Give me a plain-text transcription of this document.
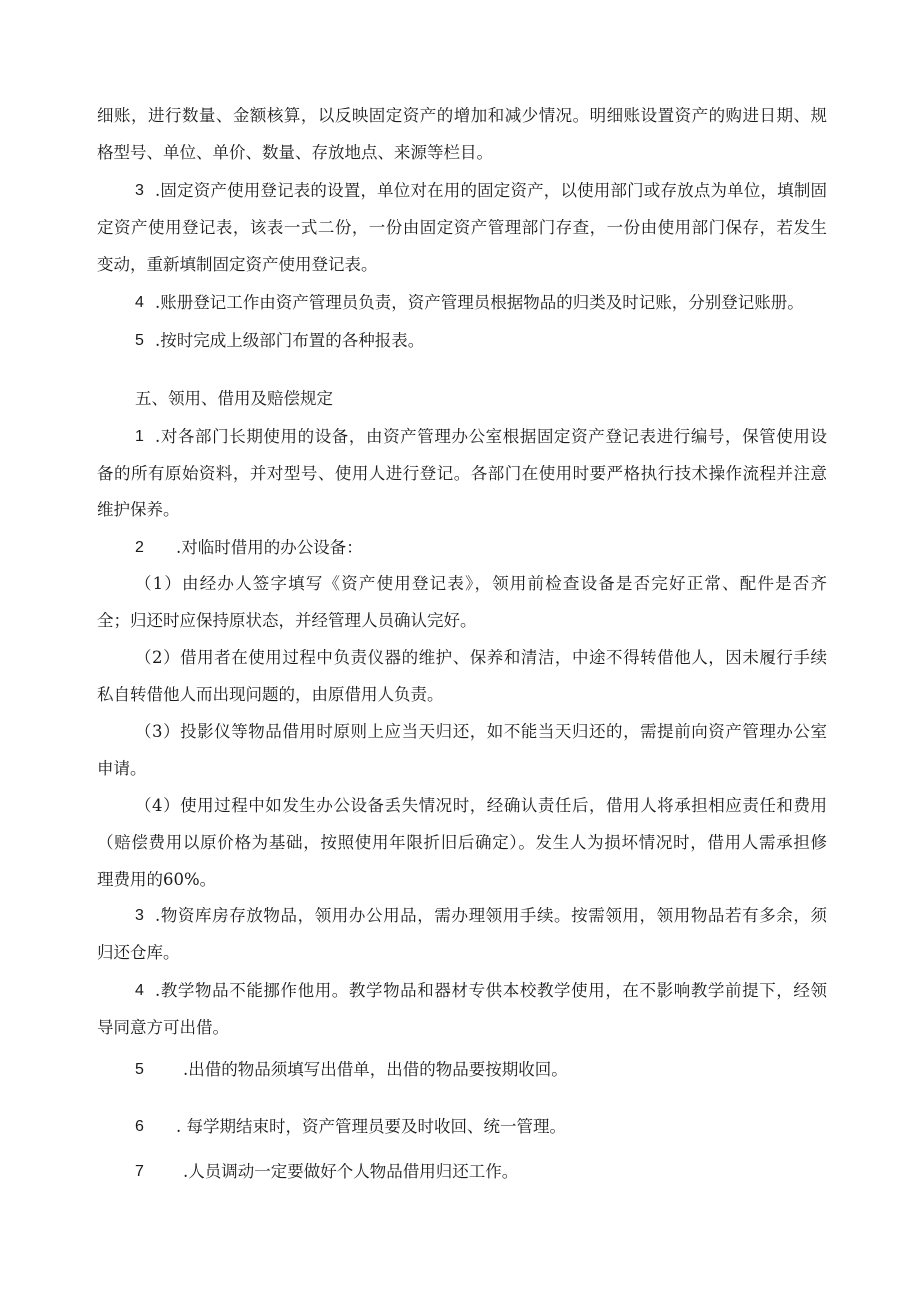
细账，进行数量、金额核算，以反映固定资产的增加和减少情况。明细账设置资产的购进日期、规
格型号、单位、单价、数量、存放地点、来源等栏目。
3 .固定资产使用登记表的设置，单位对在用的固定资产，以使用部门或存放点为单位，填制固
定资产使用登记表，该表一式二份，一份由固定资产管理部门存查，一份由使用部门保存，若发生
变动，重新填制固定资产使用登记表。
4 .账册登记工作由资产管理员负责，资产管理员根据物品的归类及时记账，分别登记账册。
5 .按时完成上级部门布置的各种报表。
五、领用、借用及赔偿规定
1 .对各部门长期使用的设备，由资产管理办公室根据固定资产登记表进行编号，保管使用设
备的所有原始资料，并对型号、使用人进行登记。各部门在使用时要严格执行技术操作流程并注意
维护保养。
2 .对临时借用的办公设备：
（1）由经办人签字填写《资产使用登记表》，领用前检查设备是否完好正常、配件是否齐
全；归还时应保持原状态，并经管理人员确认完好。
（2）借用者在使用过程中负责仪器的维护、保养和清洁，中途不得转借他人，因未履行手续
私自转借他人而出现问题的，由原借用人负责。
（3）投影仪等物品借用时原则上应当天归还，如不能当天归还的，需提前向资产管理办公室
申请。
（4）使用过程中如发生办公设备丢失情况时，经确认责任后，借用人将承担相应责任和费用
（赔偿费用以原价格为基础，按照使用年限折旧后确定）。发生人为损坏情况时，借用人需承担修
理费用的60%。
3 .物资库房存放物品，领用办公用品，需办理领用手续。按需领用，领用物品若有多余，须
归还仓库。
4 .教学物品不能挪作他用。教学物品和器材专供本校教学使用，在不影响教学前提下，经领
导同意方可出借。
5 .出借的物品须填写出借单，出借的物品要按期收回。
6 . 每学期结束时，资产管理员要及时收回、统一管理。
7 .人员调动一定要做好个人物品借用归还工作。
